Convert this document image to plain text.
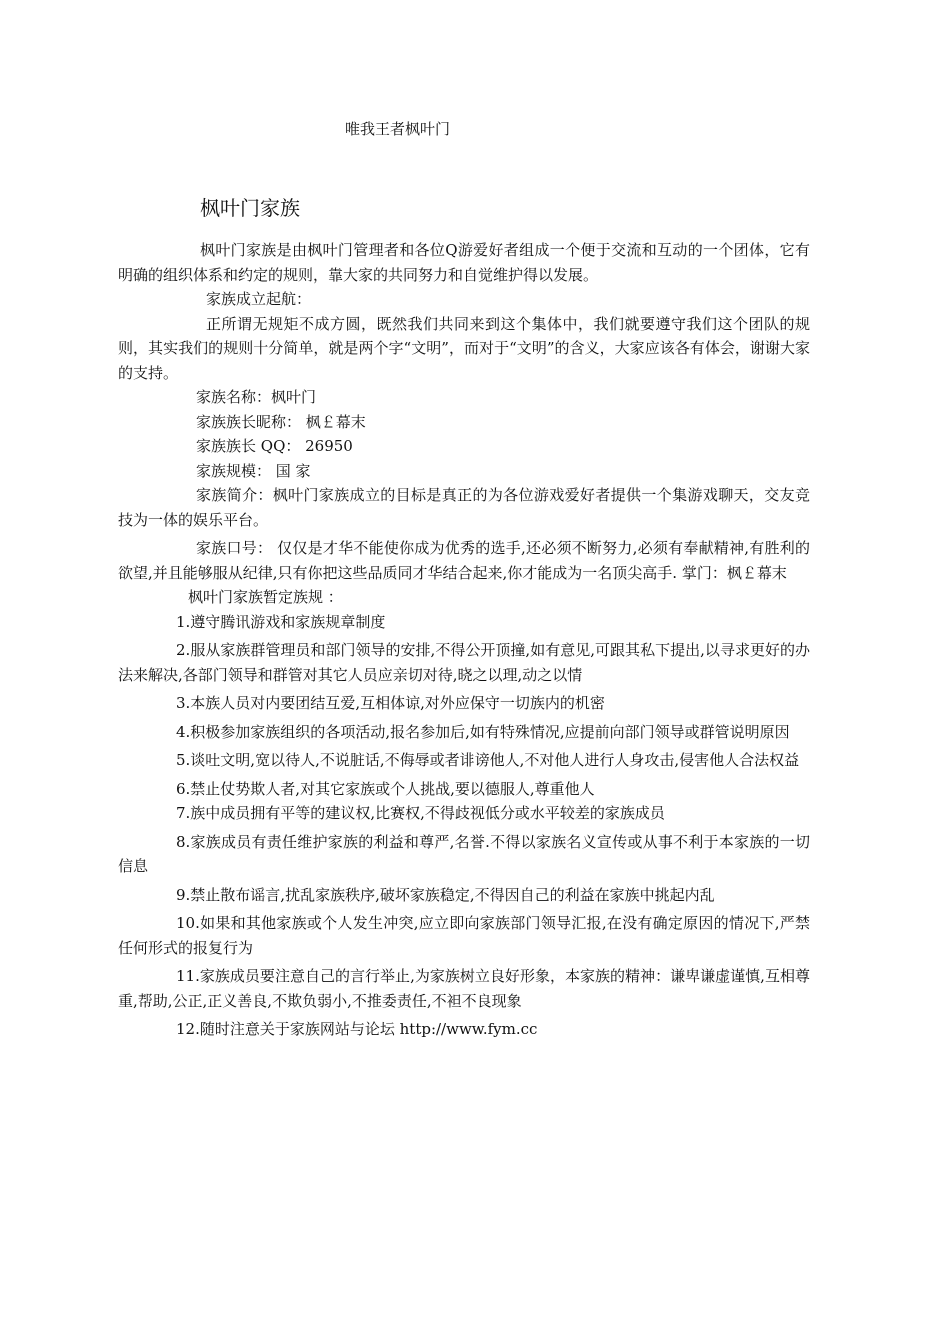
唯我王者枫叶门
枫叶门家族

枫叶门家族是由枫叶门管理者和各位Q游爱好者组成一个便于交流和互动的一个团体，它有明确的组织体系和约定的规则，靠大家的共同努力和自觉维护得以发展。

家族成立起航：

正所谓无规矩不成方圆，既然我们共同来到这个集体中，我们就要遵守我们这个团队的规则，其实我们的规则十分简单，就是两个字“文明”，而对于“文明”的含义，大家应该各有体会，谢谢大家的支持。

家族名称：枫叶门

家族族长昵称： 枫￡幕末

家族族长 QQ： 26950

家族规模： 国 家

家族简介：枫叶门家族成立的目标是真正的为各位游戏爱好者提供一个集游戏聊天，交友竞技为一体的娱乐平台。

家族口号： 仅仅是才华不能使你成为优秀的选手,还必须不断努力,必须有奉献精神,有胜利的欲望,并且能够服从纪律,只有你把这些品质同才华结合起来,你才能成为一名顶尖高手. 掌门：枫￡幕末

枫叶门家族暂定族规 ：

1.遵守腾讯游戏和家族规章制度

2.服从家族群管理员和部门领导的安排,不得公开顶撞,如有意见,可跟其私下提出,以寻求更好的办法来解决,各部门领导和群管对其它人员应亲切对待,晓之以理,动之以情

3.本族人员对内要团结互爱,互相体谅,对外应保守一切族内的机密

4.积极参加家族组织的各项活动,报名参加后,如有特殊情况,应提前向部门领导或群管说明原因

5.谈吐文明,宽以待人,不说脏话,不侮辱或者诽谤他人,不对他人进行人身攻击,侵害他人合法权益

6.禁止仗势欺人者,对其它家族或个人挑战,要以德服人,尊重他人

7.族中成员拥有平等的建议权,比赛权,不得歧视低分或水平较差的家族成员

8.家族成员有责任维护家族的利益和尊严,名誉.不得以家族名义宣传或从事不利于本家族的一切信息

9.禁止散布谣言,扰乱家族秩序,破坏家族稳定,不得因自己的利益在家族中挑起内乱

10.如果和其他家族或个人发生冲突,应立即向家族部门领导汇报,在没有确定原因的情况下,严禁任何形式的报复行为

11.家族成员要注意自己的言行举止,为家族树立良好形象，本家族的精神：谦卑谦虚谨慎,互相尊重,帮助,公正,正义善良,不欺负弱小,不推委责任,不袒不良现象

12.随时注意关于家族网站与论坛 http://www.fym.cc
